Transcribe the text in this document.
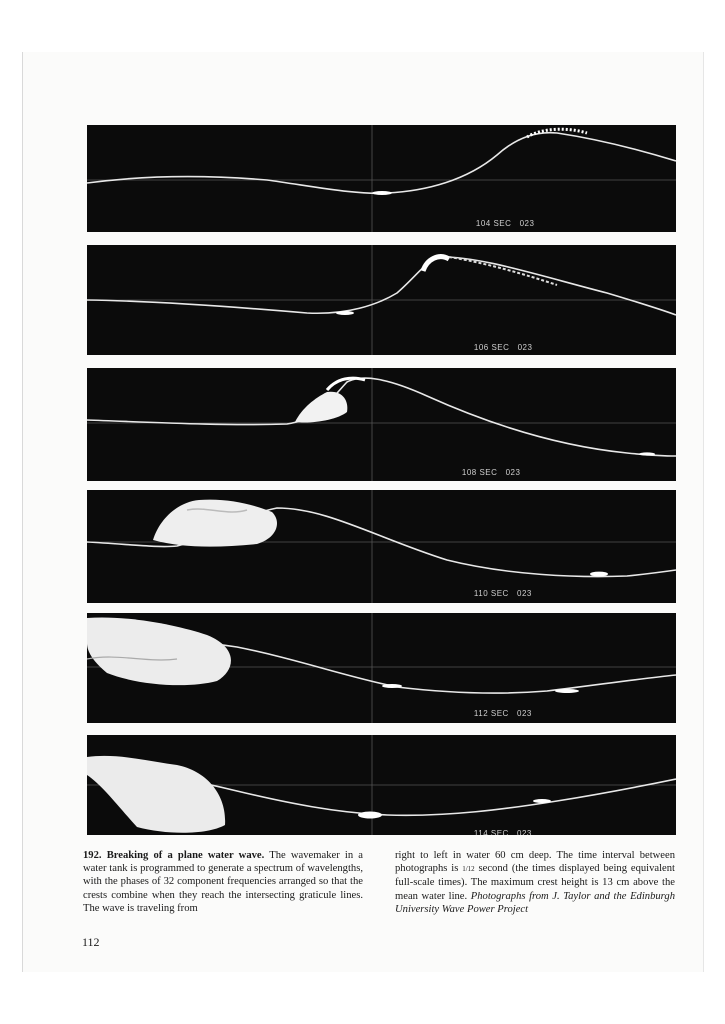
104 SEC 023

106 SEC 023

108 SEC 023

110 SEC 023

112 SEC 023

114 SEC 023

192. Breaking of a plane water wave. The wavemaker in a water tank is programmed to generate a spectrum of wavelengths, with the phases of 32 component frequencies arranged so that the crests combine when they reach the intersecting graticule lines. The wave is traveling from
right to left in water 60 cm deep. The time interval between photographs is 1/12 second (the times displayed being equivalent full-scale times). The maximum crest height is 13 cm above the mean water line. Photographs from J. Taylor and the Edinburgh University Wave Power Project
112
